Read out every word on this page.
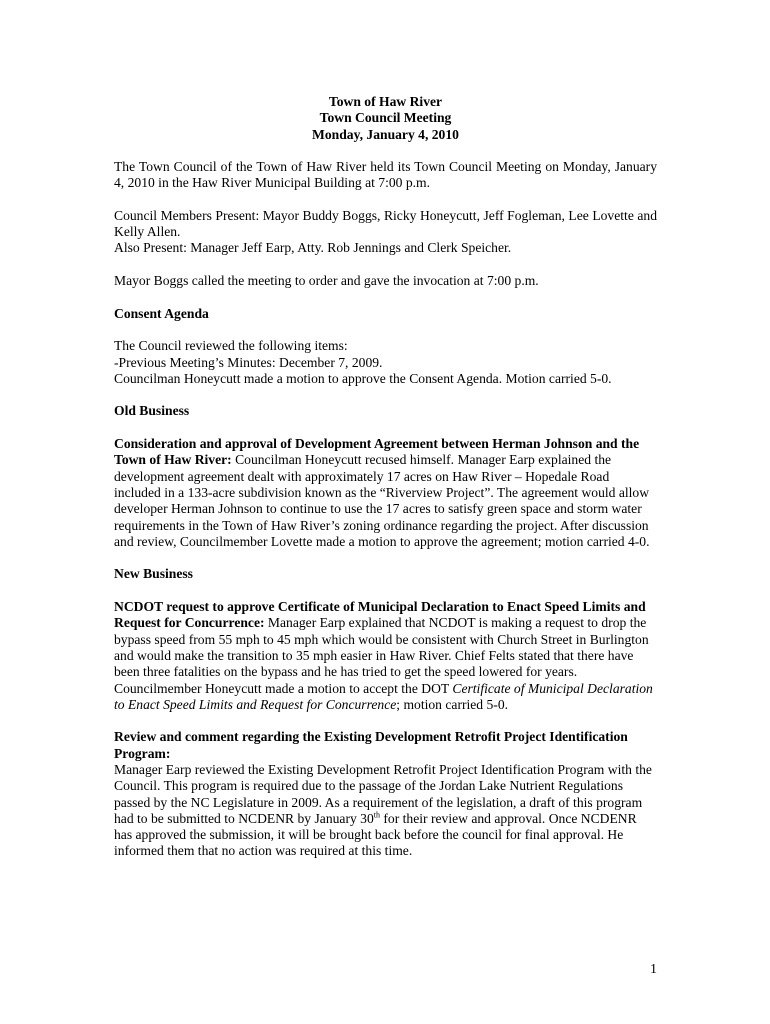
Town of Haw River
Town Council Meeting
Monday, January 4, 2010

The Town Council of the Town of Haw River held its Town Council Meeting on Monday, January 4, 2010 in the Haw River Municipal Building at 7:00 p.m.

Council Members Present: Mayor Buddy Boggs, Ricky Honeycutt, Jeff Fogleman, Lee Lovette and Kelly Allen.
Also Present: Manager Jeff Earp, Atty. Rob Jennings and Clerk Speicher.

Mayor Boggs called the meeting to order and gave the invocation at 7:00 p.m.

Consent Agenda

The Council reviewed the following items:
-Previous Meeting’s Minutes: December 7, 2009.
Councilman Honeycutt made a motion to approve the Consent Agenda. Motion carried 5-0.

Old Business

Consideration and approval of Development Agreement between Herman Johnson and the Town of Haw River: Councilman Honeycutt recused himself. Manager Earp explained the development agreement dealt with approximately 17 acres on Haw River – Hopedale Road included in a 133-acre subdivision known as the “Riverview Project”. The agreement would allow developer Herman Johnson to continue to use the 17 acres to satisfy green space and storm water requirements in the Town of Haw River’s zoning ordinance regarding the project. After discussion and review, Councilmember Lovette made a motion to approve the agreement; motion carried 4-0.

New Business

NCDOT request to approve Certificate of Municipal Declaration to Enact Speed Limits and Request for Concurrence: Manager Earp explained that NCDOT is making a request to drop the bypass speed from 55 mph to 45 mph which would be consistent with Church Street in Burlington and would make the transition to 35 mph easier in Haw River. Chief Felts stated that there have been three fatalities on the bypass and he has tried to get the speed lowered for years. Councilmember Honeycutt made a motion to accept the DOT Certificate of Municipal Declaration to Enact Speed Limits and Request for Concurrence; motion carried 5-0.

Review and comment regarding the Existing Development Retrofit Project Identification Program:
Manager Earp reviewed the Existing Development Retrofit Project Identification Program with the Council. This program is required due to the passage of the Jordan Lake Nutrient Regulations passed by the NC Legislature in 2009. As a requirement of the legislation, a draft of this program had to be submitted to NCDENR by January 30th for their review and approval. Once NCDENR has approved the submission, it will be brought back before the council for final approval. He informed them that no action was required at this time.

1
